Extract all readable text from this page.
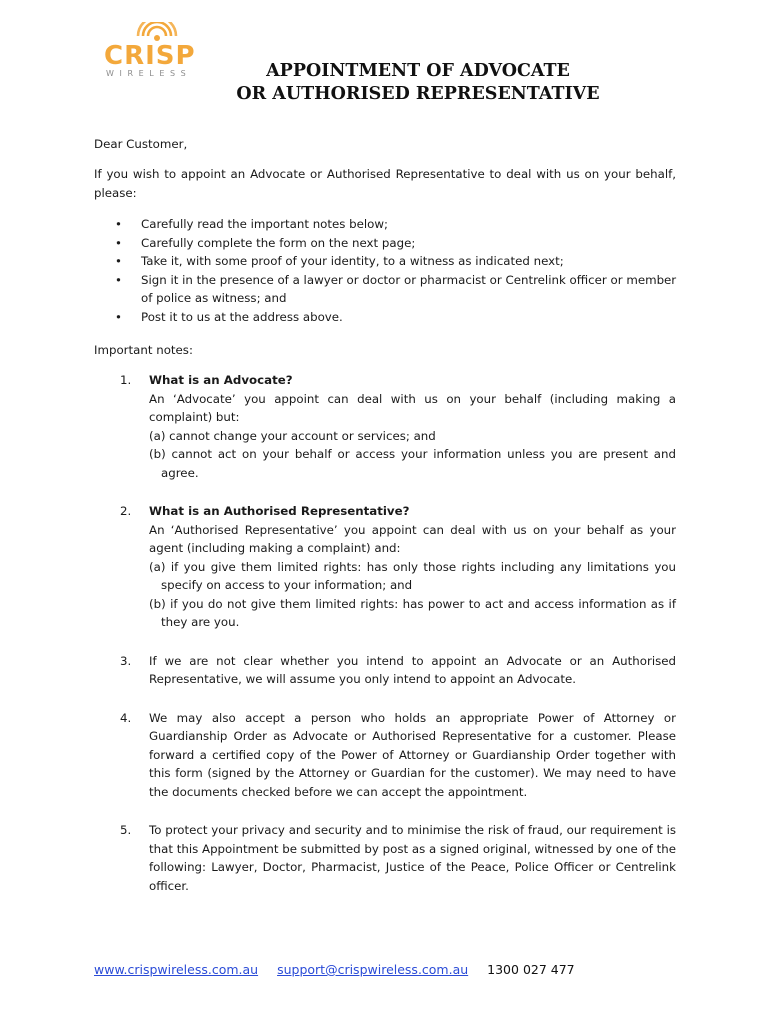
CRISP
WIRELESS	APPOINTMENT OF ADVOCATE
OR AUTHORISED REPRESENTATIVE
Dear Customer,
If you wish to appoint an Advocate or Authorised Representative to deal with us on your behalf, please:
• Carefully read the important notes below;
• Carefully complete the form on the next page;
• Take it, with some proof of your identity, to a witness as indicated next;
• Sign it in the presence of a lawyer or doctor or pharmacist or Centrelink officer or member of police as witness; and
• Post it to us at the address above.
Important notes:
1. What is an Advocate?
An ‘Advocate’ you appoint can deal with us on your behalf (including making a complaint) but:
(a) cannot change your account or services; and
(b) cannot act on your behalf or access your information unless you are present and agree.
2. What is an Authorised Representative?
An ‘Authorised Representative’ you appoint can deal with us on your behalf as your agent (including making a complaint) and:
(a) if you give them limited rights: has only those rights including any limitations you specify on access to your information; and
(b) if you do not give them limited rights: has power to act and access information as if they are you.
3. If we are not clear whether you intend to appoint an Advocate or an Authorised Representative, we will assume you only intend to appoint an Advocate.
4. We may also accept a person who holds an appropriate Power of Attorney or Guardianship Order as Advocate or Authorised Representative for a customer. Please forward a certified copy of the Power of Attorney or Guardianship Order together with this form (signed by the Attorney or Guardian for the customer). We may need to have the documents checked before we can accept the appointment.
5. To protect your privacy and security and to minimise the risk of fraud, our requirement is that this Appointment be submitted by post as a signed original, witnessed by one of the following: Lawyer, Doctor, Pharmacist, Justice of the Peace, Police Officer or Centrelink officer.
www.crispwireless.com.au support@crispwireless.com.au 1300 027 477
